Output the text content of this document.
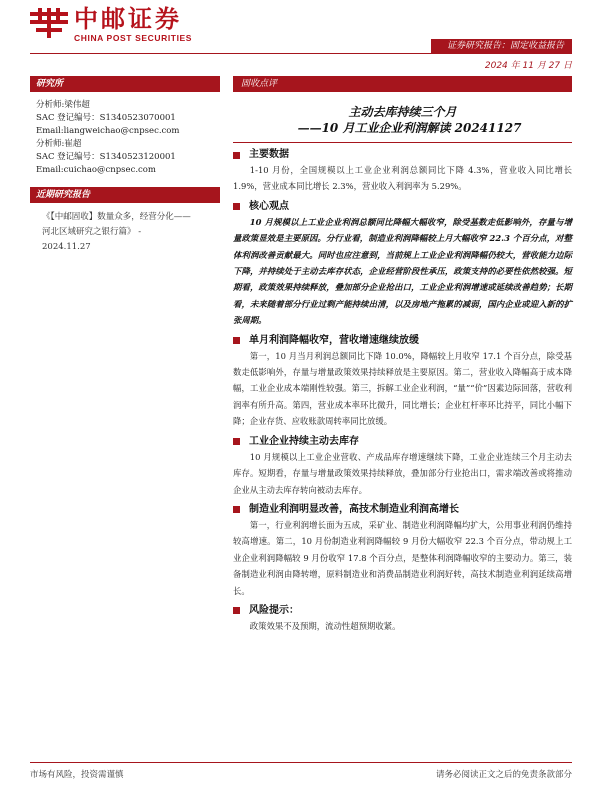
中邮证券
CHINA POST SECURITIES
证券研究报告：固定收益报告
2024 年 11 月 27 日
研究所
分析师:梁伟超
SAC 登记编号：S1340523070001
Email:liangweichao@cnpsec.com
分析师:崔超
SAC 登记编号：S1340523120001
Email:cuichao@cnpsec.com
近期研究报告
《【中邮固收】数量众多，经营分化——
河北区域研究之银行篇》 -
2024.11.27
固收点评
主动去库持续三个月
——10 月工业企业利润解读 20241127
主要数据
1-10 月份，全国规模以上工业企业利润总额同比下降 4.3%，营业收入同比增长 1.9%，营业成本同比增长 2.3%，营业收入利润率为 5.29%。
核心观点
10 月规模以上工业企业利润总额同比降幅大幅收窄，除受基数走低影响外，存量与增量政策显效是主要原因。分行业看，制造业利润降幅较上月大幅收窄 22.3 个百分点，对整体利润改善贡献最大。同时也应注意到，当前规上工业企业利润降幅仍较大，营收能力边际下降，并持续处于主动去库存状态，企业经营阶段性承压，政策支持的必要性依然较强。短期看，政策效果持续释放，叠加部分企业抢出口，工业企业利润增速或延续改善趋势；长期看，未来随着部分行业过剩产能持续出清，以及房地产拖累的减弱，国内企业或迎入新的扩张周期。
单月利润降幅收窄，营收增速继续放缓
第一，10 月当月利润总额同比下降 10.0%，降幅较上月收窄 17.1 个百分点，除受基数走低影响外，存量与增量政策效果持续释放是主要原因。第二，营业收入降幅高于成本降幅，工业企业成本端刚性较强。第三，拆解工业企业利润，“量”“价”因素边际回落，营收利润率有所升高。第四，营业成本率环比微升，同比增长；企业杠杆率环比持平，同比小幅下降；企业存货、应收账款周转率同比放缓。
工业企业持续主动去库存
10 月规模以上工业企业营收、产成品库存增速继续下降，工业企业连续三个月主动去库存。短期看，存量与增量政策效果持续释放，叠加部分行业抢出口，需求端改善或将推动企业从主动去库存转向被动去库存。
制造业利润明显改善，高技术制造业利润高增长
第一，行业利润增长面为五成，采矿业、制造业利润降幅均扩大，公用事业利润仍维持较高增速。第二，10 月份制造业利润降幅较 9 月份大幅收窄 22.3 个百分点，带动规上工业企业利润降幅较 9 月份收窄 17.8 个百分点，是整体利润降幅收窄的主要动力。第三，装备制造业利润由降转增，原料制造业和消费品制造业利润好转，高技术制造业利润延续高增长。
风险提示：
政策效果不及预期，流动性超预期收紧。
市场有风险，投资需谨慎	请务必阅读正文之后的免责条款部分
